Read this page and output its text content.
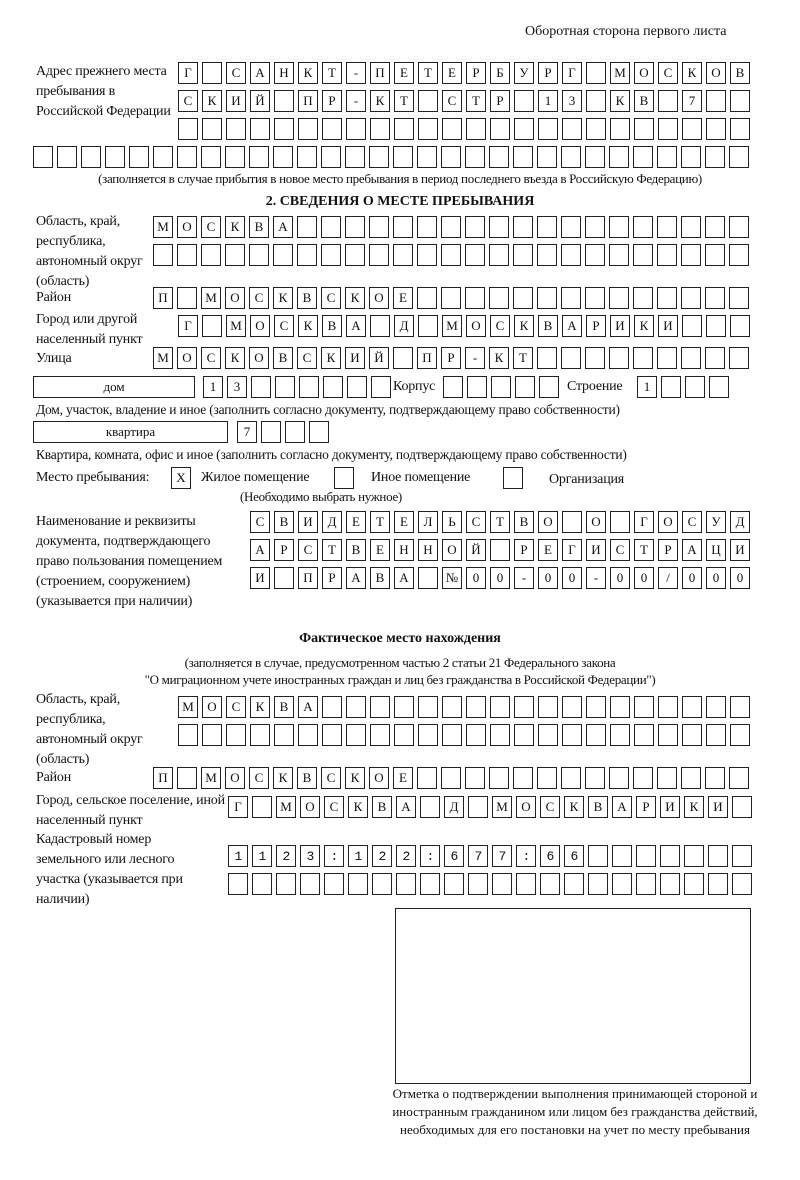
Оборотная сторона первого листа
Адрес прежнего места пребывания в Российской Федерации
Г	С	А	Н	К	Т	-	П	Е	Т	Е	Р	Б	У	Р	Г	М	О	С	К	О	В
С	К	И	Й	П	Р	-	К	Т	С	Т	Р	1	3	К	В	7
(заполняется в случае прибытия в новое место пребывания в период последнего въезда в Российскую Федерацию)
2. СВЕДЕНИЯ О МЕСТЕ ПРЕБЫВАНИЯ
Область, край, республика, автономный округ (область)
М	О	С	К	В	А
Район	П	М	О	С	К	В	С	К	О	Е
Город или другой населенный пункт
Г	М	О	С	К	В	А	Д	М	О	С	К	В	А	Р	И	К	И
Улица	М	О	С	К	О	В	С	К	И	Й	П	Р	-	К	Т
дом	1	3	Корпус	Строение	1
Дом, участок, владение и иное (заполнить согласно документу, подтверждающему право собственности)
квартира	7
Квартира, комната, офис и иное (заполнить согласно документу, подтверждающему право собственности)
Место пребывания:	X	Жилое помещение	Иное помещение	Организация
(Необходимо выбрать нужное)
Наименование и реквизиты документа, подтверждающего право пользования помещением (строением, сооружением) (указывается при наличии)
С	В	И	Д	Е	Т	Е	Л	Ь	С	Т	В	О	О	Г	О	С	У	Д
А	Р	С	Т	В	Е	Н	Н	О	Й	Р	Е	Г	И	С	Т	Р	А	Ц	И
И	П	Р	А	В	А	№	0	0	-	0	0	-	0	0	/	0	0	0
Фактическое место нахождения
(заполняется в случае, предусмотренном частью 2 статьи 21 Федерального закона
"О миграционном учете иностранных граждан и лиц без гражданства в Российской Федерации")
Область, край, республика, автономный округ (область)
М	О	С	К	В	А
Район	П	М	О	С	К	В	С	К	О	Е
Город, сельское поселение, иной населенный пункт
Г	М	О	С	К	В	А	Д	М	О	С	К	В	А	Р	И	К	И
Кадастровый номер земельного или лесного участка (указывается при наличии)
1123:122:677:66
Отметка о подтверждении выполнения принимающей стороной и иностранным гражданином или лицом без гражданства действий, необходимых для его постановки на учет по месту пребывания
